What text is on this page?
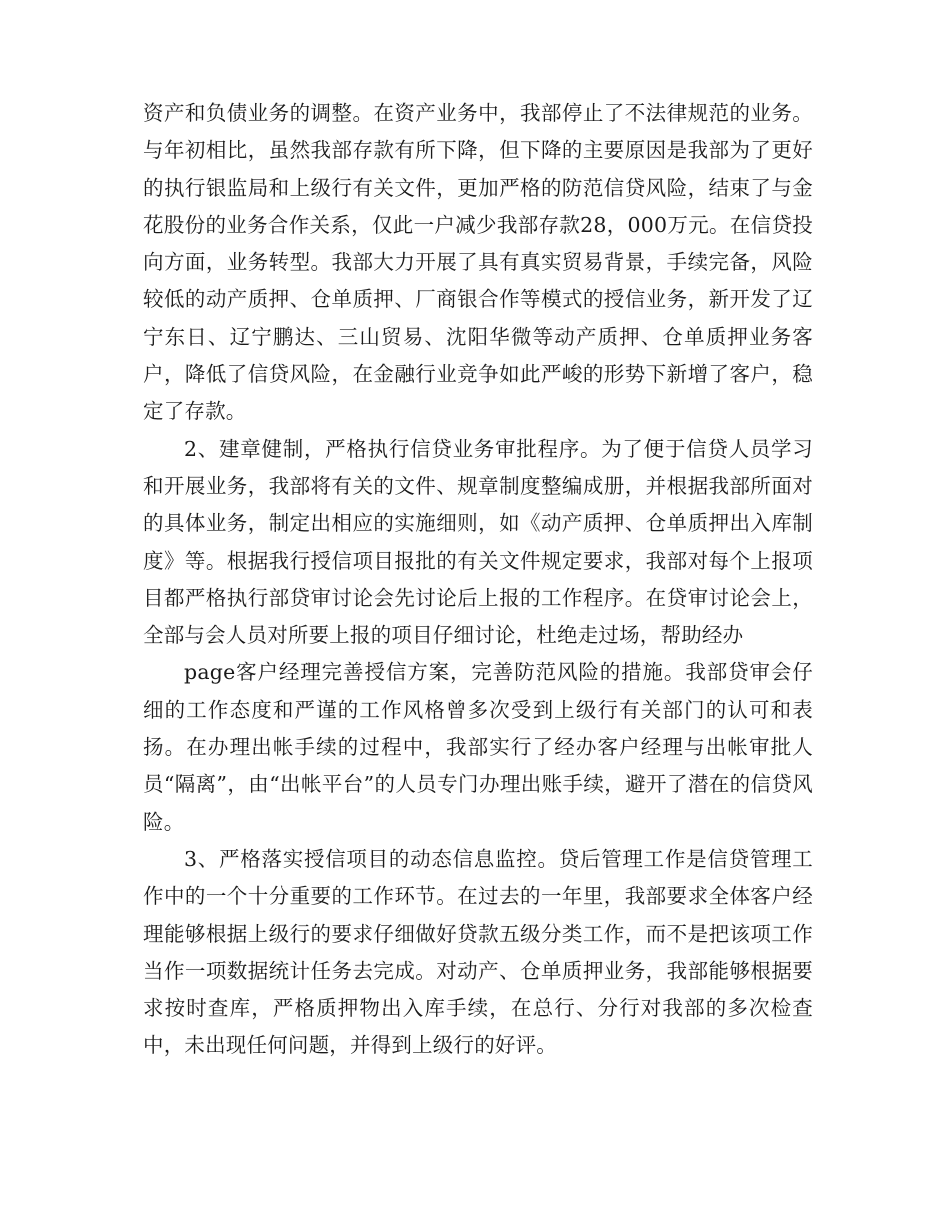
资产和负债业务的调整。在资产业务中，我部停止了不法律规范的业务。与年初相比，虽然我部存款有所下降，但下降的主要原因是我部为了更好的执行银监局和上级行有关文件，更加严格的防范信贷风险，结束了与金花股份的业务合作关系，仅此一户减少我部存款28，000万元。在信贷投向方面，业务转型。我部大力开展了具有真实贸易背景，手续完备，风险较低的动产质押、仓单质押、厂商银合作等模式的授信业务，新开发了辽宁东日、辽宁鹏达、三山贸易、沈阳华微等动产质押、仓单质押业务客户，降低了信贷风险，在金融行业竞争如此严峻的形势下新增了客户，稳定了存款。

2、建章健制，严格执行信贷业务审批程序。为了便于信贷人员学习和开展业务，我部将有关的文件、规章制度整编成册，并根据我部所面对的具体业务，制定出相应的实施细则，如《动产质押、仓单质押出入库制度》等。根据我行授信项目报批的有关文件规定要求，我部对每个上报项目都严格执行部贷审讨论会先讨论后上报的工作程序。在贷审讨论会上，全部与会人员对所要上报的项目仔细讨论，杜绝走过场，帮助经办

page客户经理完善授信方案，完善防范风险的措施。我部贷审会仔细的工作态度和严谨的工作风格曾多次受到上级行有关部门的认可和表扬。在办理出帐手续的过程中，我部实行了经办客户经理与出帐审批人员“隔离”，由“出帐平台”的人员专门办理出账手续，避开了潜在的信贷风险。

3、严格落实授信项目的动态信息监控。贷后管理工作是信贷管理工作中的一个十分重要的工作环节。在过去的一年里，我部要求全体客户经理能够根据上级行的要求仔细做好贷款五级分类工作，而不是把该项工作当作一项数据统计任务去完成。对动产、仓单质押业务，我部能够根据要求按时查库，严格质押物出入库手续，在总行、分行对我部的多次检查中，未出现任何问题，并得到上级行的好评。
